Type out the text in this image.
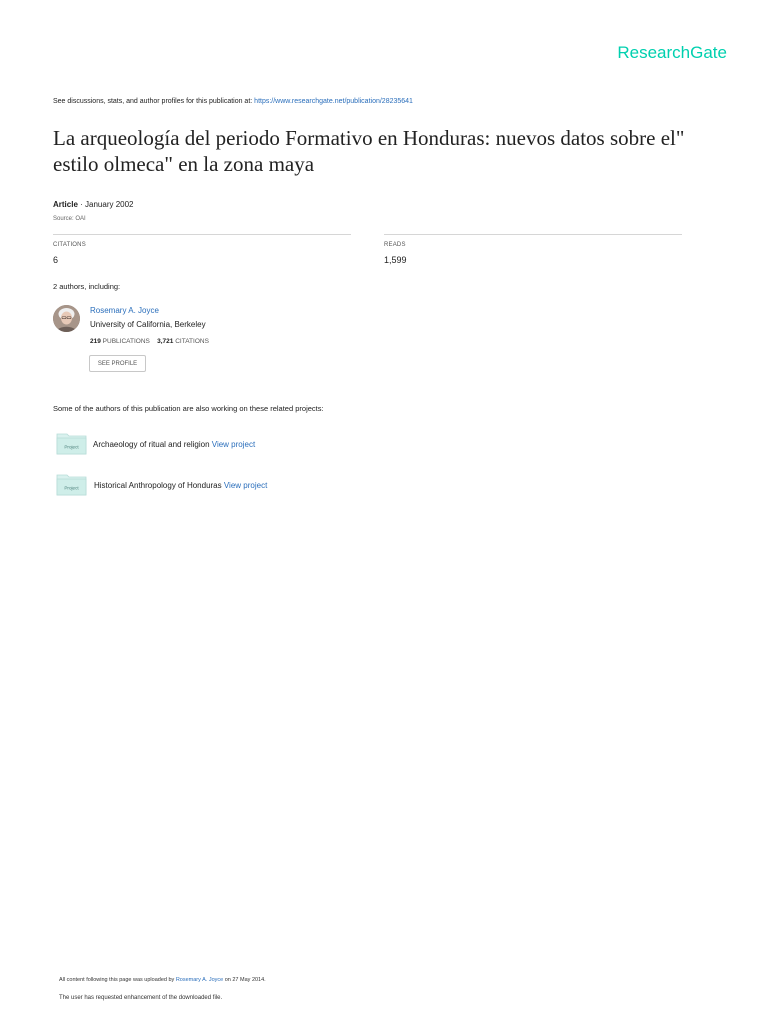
ResearchGate
See discussions, stats, and author profiles for this publication at: https://www.researchgate.net/publication/28235641
La arqueología del periodo Formativo en Honduras: nuevos datos sobre el" estilo olmeca" en la zona maya
Article · January 2002
Source: OAI
CITATIONS
6
READS
1,599
2 authors, including:
Rosemary A. Joyce
University of California, Berkeley
219 PUBLICATIONS 3,721 CITATIONS
SEE PROFILE
Some of the authors of this publication are also working on these related projects:
Project Archaeology of ritual and religion View project
Project Historical Anthropology of Honduras View project
All content following this page was uploaded by Rosemary A. Joyce on 27 May 2014.
The user has requested enhancement of the downloaded file.
